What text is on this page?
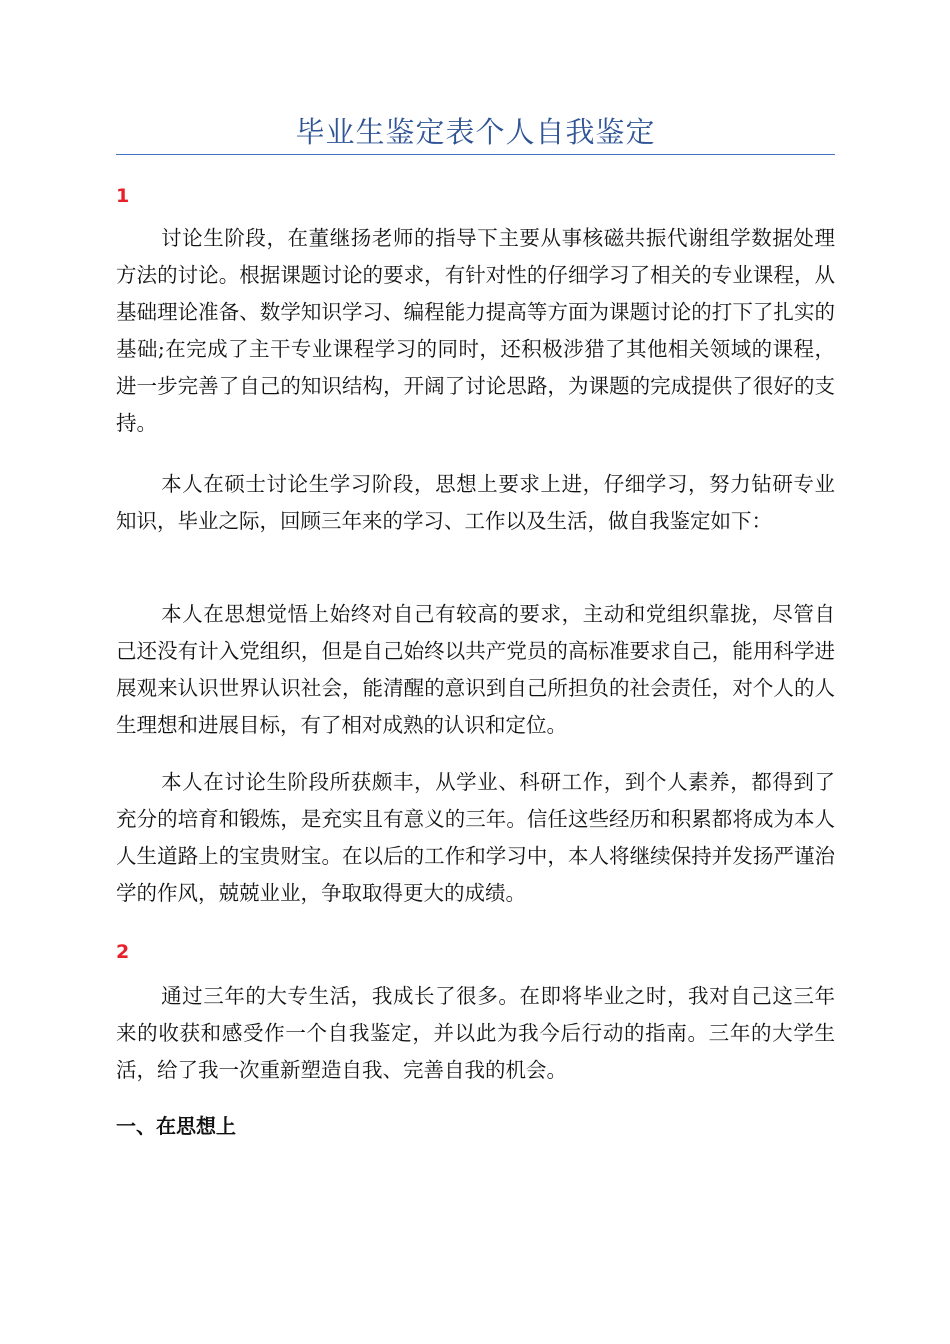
毕业生鉴定表个人自我鉴定
1

讨论生阶段，在董继扬老师的指导下主要从事核磁共振代谢组学数据处理方法的讨论。根据课题讨论的要求，有针对性的仔细学习了相关的专业课程，从基础理论准备、数学知识学习、编程能力提高等方面为课题讨论的打下了扎实的基础;在完成了主干专业课程学习的同时，还积极涉猎了其他相关领域的课程，进一步完善了自己的知识结构，开阔了讨论思路，为课题的完成提供了很好的支持。

本人在硕士讨论生学习阶段，思想上要求上进，仔细学习，努力钻研专业知识，毕业之际，回顾三年来的学习、工作以及生活，做自我鉴定如下：

本人在思想觉悟上始终对自己有较高的要求，主动和党组织靠拢，尽管自己还没有计入党组织，但是自己始终以共产党员的高标准要求自己，能用科学进展观来认识世界认识社会，能清醒的意识到自己所担负的社会责任，对个人的人生理想和进展目标，有了相对成熟的认识和定位。

本人在讨论生阶段所获颇丰，从学业、科研工作，到个人素养，都得到了充分的培育和锻炼，是充实且有意义的三年。信任这些经历和积累都将成为本人人生道路上的宝贵财宝。在以后的工作和学习中，本人将继续保持并发扬严谨治学的作风，兢兢业业，争取取得更大的成绩。

2

通过三年的大专生活，我成长了很多。在即将毕业之时，我对自己这三年来的收获和感受作一个自我鉴定，并以此为我今后行动的指南。三年的大学生活，给了我一次重新塑造自我、完善自我的机会。

一、在思想上
